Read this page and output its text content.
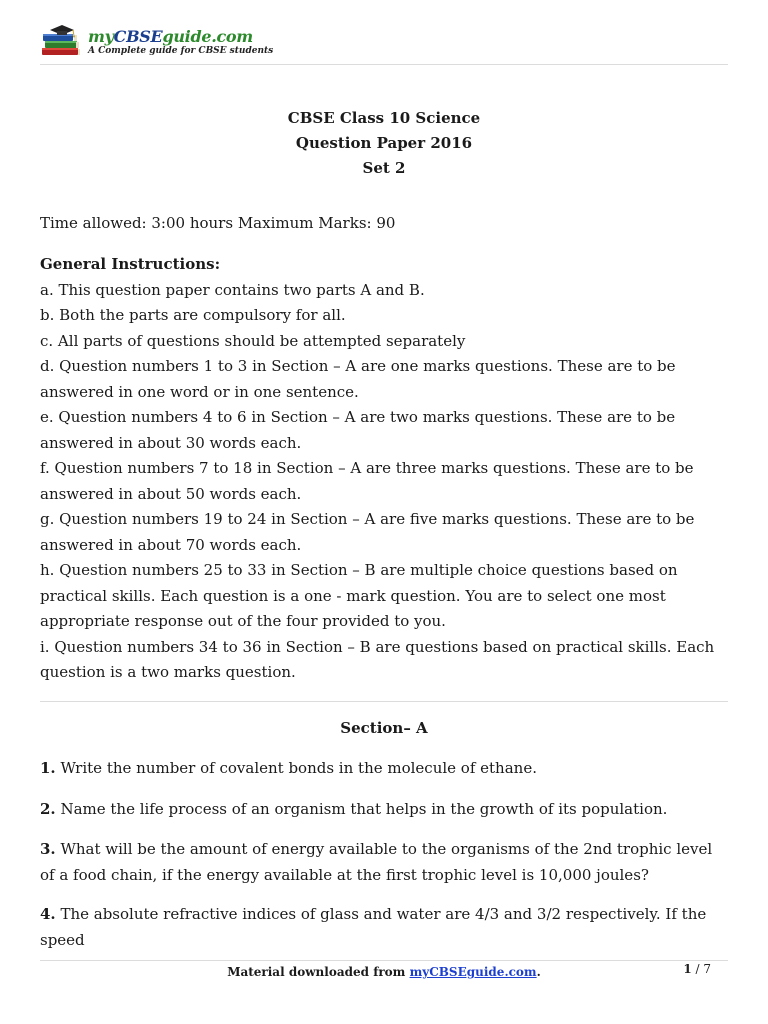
myCBSEguide.com
A Complete guide for CBSE students
CBSE Class 10 Science
Question Paper 2016
Set 2
Time allowed: 3:00 hours Maximum Marks: 90
General Instructions:
a. This question paper contains two parts A and B.
b. Both the parts are compulsory for all.
c. All parts of questions should be attempted separately
d. Question numbers 1 to 3 in Section – A are one marks questions. These are to be answered in one word or in one sentence.
e. Question numbers 4 to 6 in Section – A are two marks questions. These are to be answered in about 30 words each.
f. Question numbers 7 to 18 in Section – A are three marks questions. These are to be answered in about 50 words each.
g. Question numbers 19 to 24 in Section – A are five marks questions. These are to be answered in about 70 words each.
h. Question numbers 25 to 33 in Section – B are multiple choice questions based on practical skills. Each question is a one - mark question. You are to select one most appropriate response out of the four provided to you.
i. Question numbers 34 to 36 in Section – B are questions based on practical skills. Each question is a two marks question.
Section– A
1. Write the number of covalent bonds in the molecule of ethane.
2. Name the life process of an organism that helps in the growth of its population.
3. What will be the amount of energy available to the organisms of the 2nd trophic level of a food chain, if the energy available at the first trophic level is 10,000 joules?
4. The absolute refractive indices of glass and water are 4/3 and 3/2 respectively. If the speed
Material downloaded from myCBSEguide.com.	1 / 7
